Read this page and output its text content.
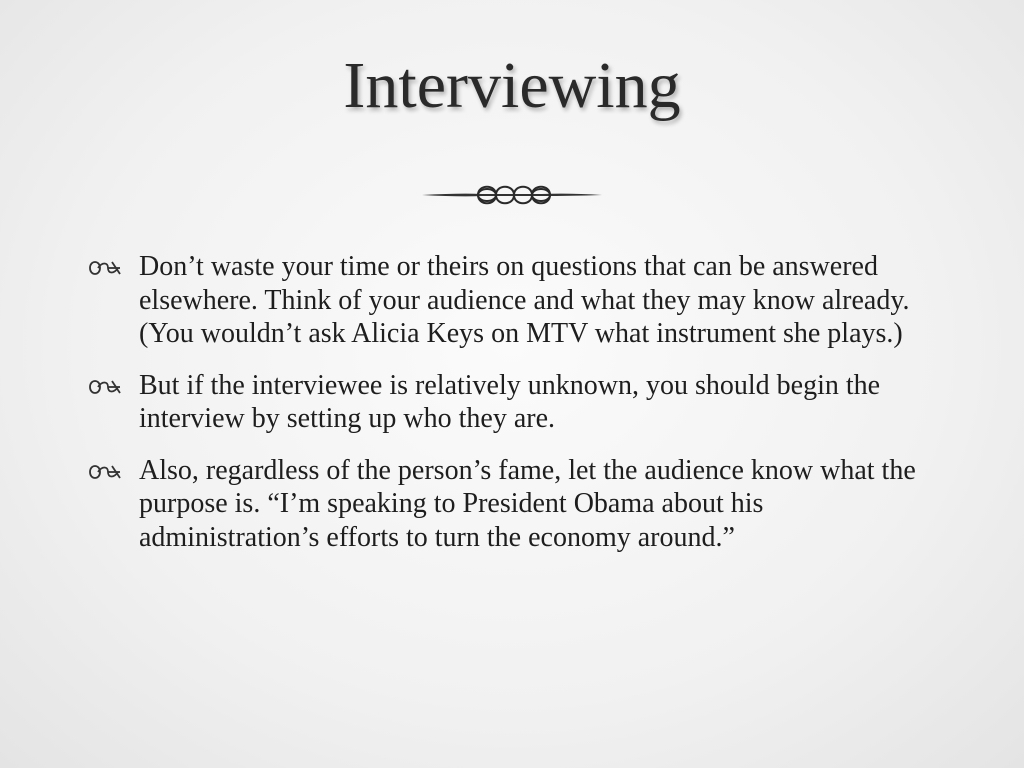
Interviewing
Don’t waste your time or theirs on questions that can be answered elsewhere. Think of your audience and what they may know already. (You wouldn’t ask Alicia Keys on MTV what instrument she plays.)
But if the interviewee is relatively unknown, you should begin the interview by setting up who they are.
Also, regardless of the person’s fame, let the audience know what the purpose is. “I’m speaking to President Obama about his administration’s efforts to turn the economy around.”
